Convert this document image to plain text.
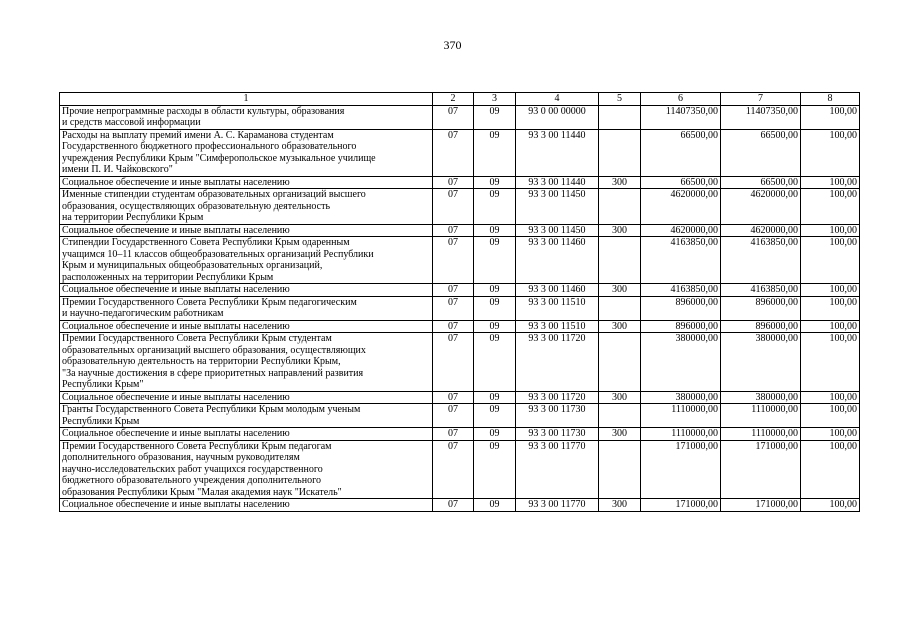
370
1	2	3	4	5	6	7	8
Прочие непрограммные расходы в области культуры, образования
и средств массовой информации	07	09	93 0 00 00000		11407350,00	11407350,00	100,00
Расходы на выплату премий имени А. С. Караманова студентам
Государственного бюджетного профессионального образовательного
учреждения Республики Крым "Симферопольское музыкальное училище
имени П. И. Чайковского"	07	09	93 3 00 11440		66500,00	66500,00	100,00
Социальное обеспечение и иные выплаты населению	07	09	93 3 00 11440	300	66500,00	66500,00	100,00
Именные стипендии студентам образовательных организаций высшего
образования, осуществляющих образовательную деятельность
на территории Республики Крым	07	09	93 3 00 11450		4620000,00	4620000,00	100,00
Социальное обеспечение и иные выплаты населению	07	09	93 3 00 11450	300	4620000,00	4620000,00	100,00
Стипендии Государственного Совета Республики Крым одаренным
учащимся 10–11 классов общеобразовательных организаций Республики
Крым и муниципальных общеобразовательных организаций,
расположенных на территории Республики Крым	07	09	93 3 00 11460		4163850,00	4163850,00	100,00
Социальное обеспечение и иные выплаты населению	07	09	93 3 00 11460	300	4163850,00	4163850,00	100,00
Премии Государственного Совета Республики Крым педагогическим
и научно-педагогическим работникам	07	09	93 3 00 11510		896000,00	896000,00	100,00
Социальное обеспечение и иные выплаты населению	07	09	93 3 00 11510	300	896000,00	896000,00	100,00
Премии Государственного Совета Республики Крым студентам
образовательных организаций высшего образования, осуществляющих
образовательную деятельность на территории Республики Крым,
"За научные достижения в сфере приоритетных направлений развития
Республики Крым"	07	09	93 3 00 11720		380000,00	380000,00	100,00
Социальное обеспечение и иные выплаты населению	07	09	93 3 00 11720	300	380000,00	380000,00	100,00
Гранты Государственного Совета Республики Крым молодым ученым
Республики Крым	07	09	93 3 00 11730		1110000,00	1110000,00	100,00
Социальное обеспечение и иные выплаты населению	07	09	93 3 00 11730	300	1110000,00	1110000,00	100,00
Премии Государственного Совета Республики Крым педагогам
дополнительного образования, научным руководителям
научно-исследовательских работ учащихся государственного
бюджетного образовательного учреждения дополнительного
образования Республики Крым "Малая академия наук "Искатель"	07	09	93 3 00 11770		171000,00	171000,00	100,00
Социальное обеспечение и иные выплаты населению	07	09	93 3 00 11770	300	171000,00	171000,00	100,00
